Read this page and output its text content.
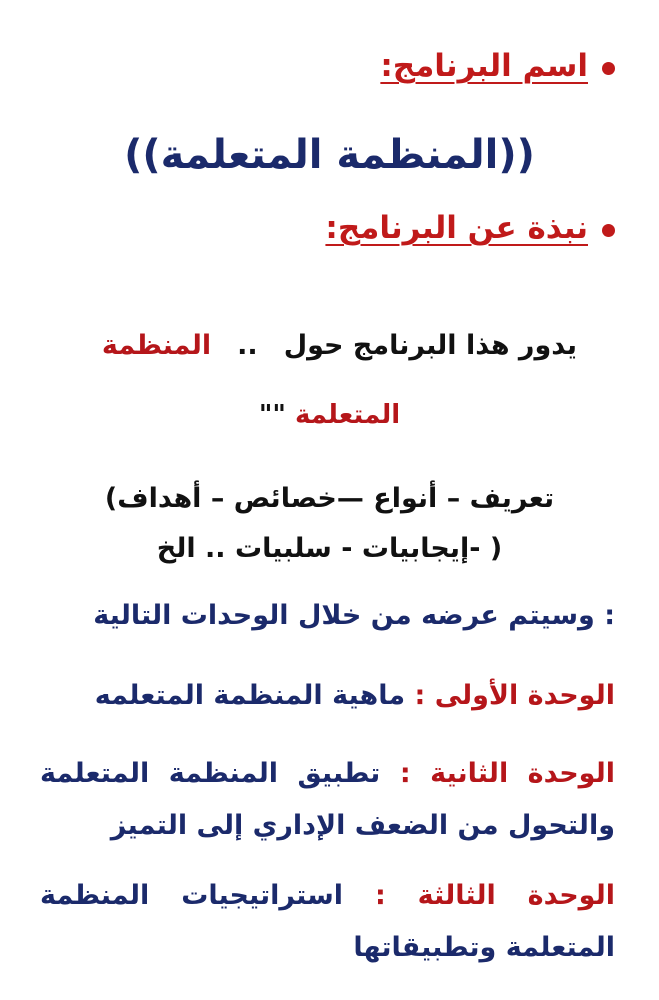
اسم البرنامج:
((المنظمة المتعلمة))
نبذة عن البرنامج:
يدور هذا البرنامج حول..المنظمة
المتعلمة ""
تعريف – أنواع —خصائص – أهداف)
( -إيجابيات - سلبيات .. الخ
: وسيتم عرضه من خلال الوحدات التالية
الوحدة الأولى : ماهية المنظمة المتعلمه
الوحدة الثانية : تطبيق المنظمة المتعلمة والتحول من الضعف الإداري إلى التميز
الوحدة الثالثة : استراتيجيات المنظمة المتعلمة وتطبيقاتها
